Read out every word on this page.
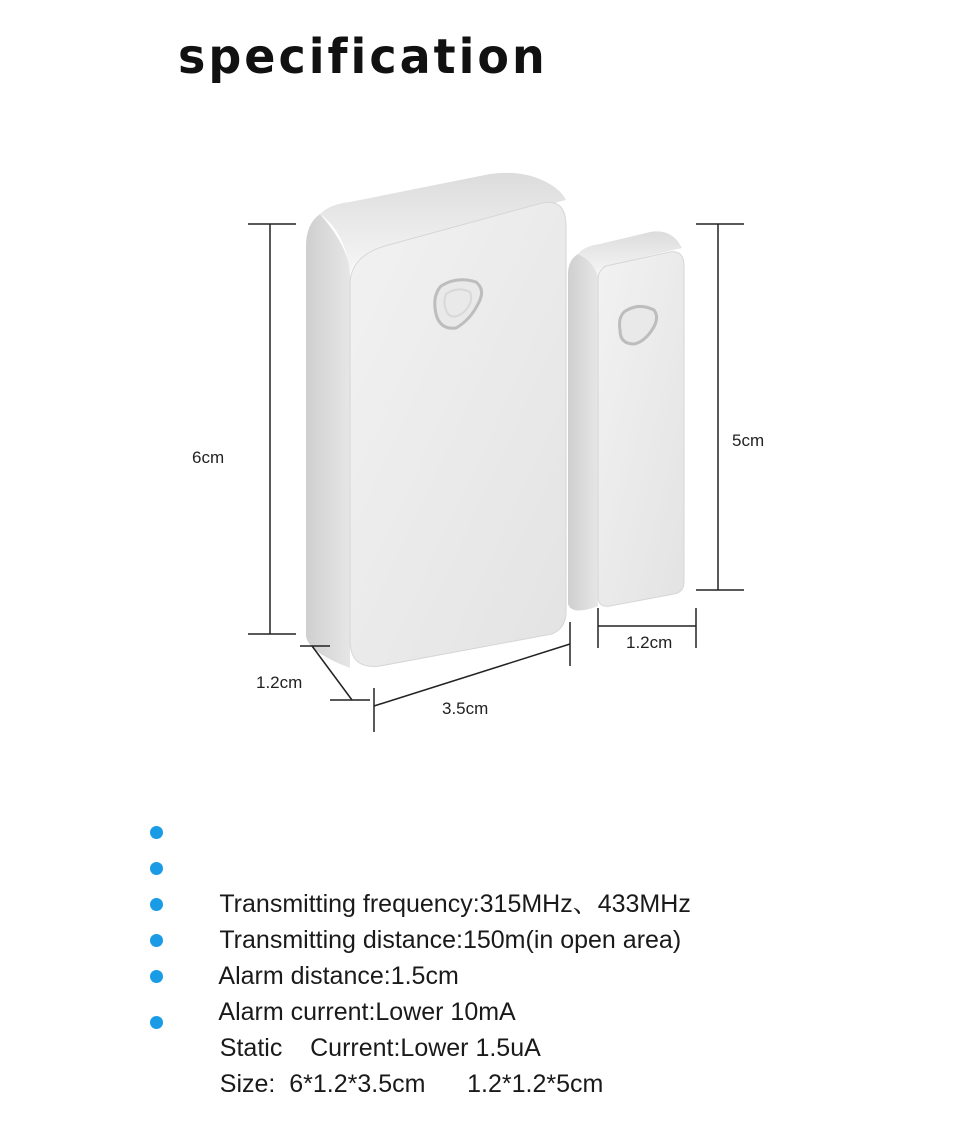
specification
6cm
5cm
1.2cm
1.2cm
3.5cm

Transmitting frequency:315MHz、433MHz

Transmitting distance:150m(in open area)

Alarm distance:1.5cm

Alarm current:Lower 10mA

Static    Current:Lower 1.5uA

Size:  6*1.2*3.5cm      1.2*1.2*5cm
